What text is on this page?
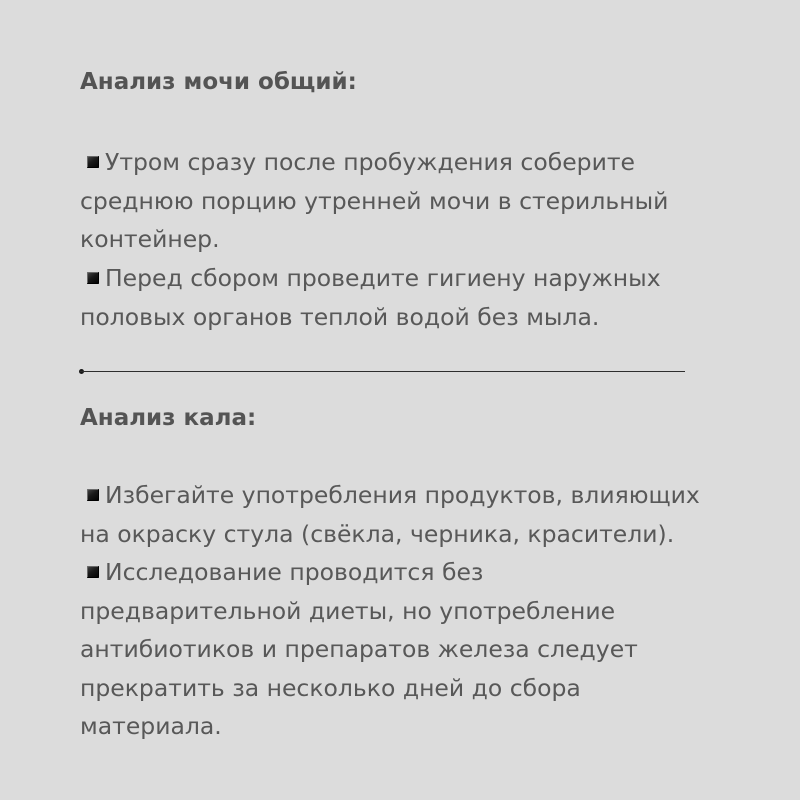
Анализ мочи общий:
Утром сразу после пробуждения соберите
среднюю порцию утренней мочи в стерильный
контейнер.
Перед сбором проведите гигиену наружных
половых органов теплой водой без мыла.
Анализ кала:
Избегайте употребления продуктов, влияющих
на окраску стула (свёкла, черника, красители).
Исследование проводится без
предварительной диеты, но употребление
антибиотиков и препаратов железа следует
прекратить за несколько дней до сбора
материала.
